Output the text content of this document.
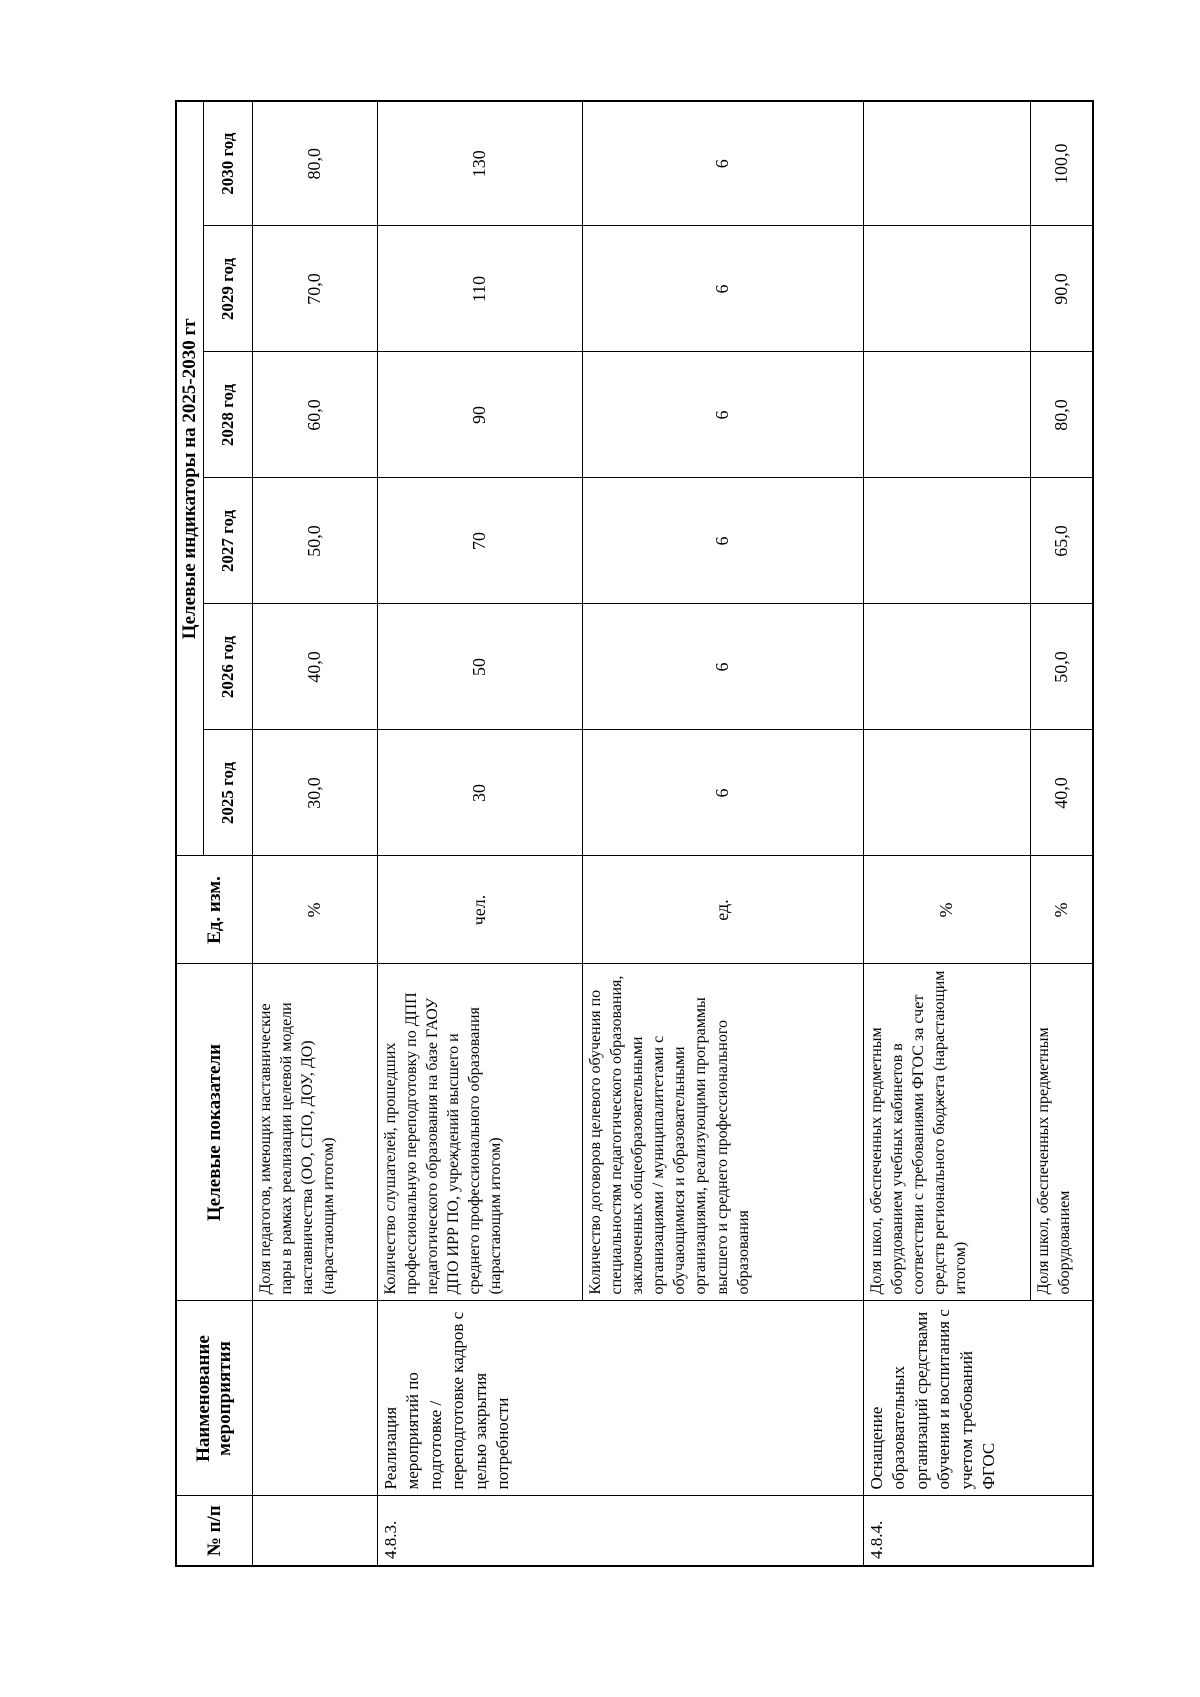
№ п/п	Наименование мероприятия	Целевые показатели	Ед. изм.	Целевые индикаторы на 2025-2030 гг					
				2025 год	2026 год	2027 год	2028 год	2029 год	2030 год
		Доля педагогов, имеющих наставнические пары в рамках реализации целевой модели наставничества (ОО, СПО, ДОУ, ДО) (нарастающим итогом)	%	30,0	40,0	50,0	60,0	70,0	80,0
4.8.3.	Реализация мероприятий по подготовке / переподготовке кадров с целью закрытия потребности	Количество слушателей, прошедших профессиональную переподготовку по ДПП педагогического образования на базе ГАОУ ДПО ИРР ПО, учреждений высшего и среднего профессионального образования (нарастающим итогом)	чел.	30	50	70	90	110	130
		Количество договоров целевого обучения по специальностям педагогического образования, заключенных общеобразовательными организациями / муниципалитетами с обучающимися и образовательными организациями, реализующими программы высшего и среднего профессионального образования	ед.	6	6	6	6	6	6
4.8.4.	Оснащение образовательных организаций средствами обучения и воспитания с учетом требований ФГОС	Доля школ, обеспеченных предметным оборудованием учебных кабинетов в соответствии с требованиями ФГОС за счет средств регионального бюджета (нарастающим итогом)	%						
		Доля школ, обеспеченных предметным оборудованием	%	40,0	50,0	65,0	80,0	90,0	100,0
